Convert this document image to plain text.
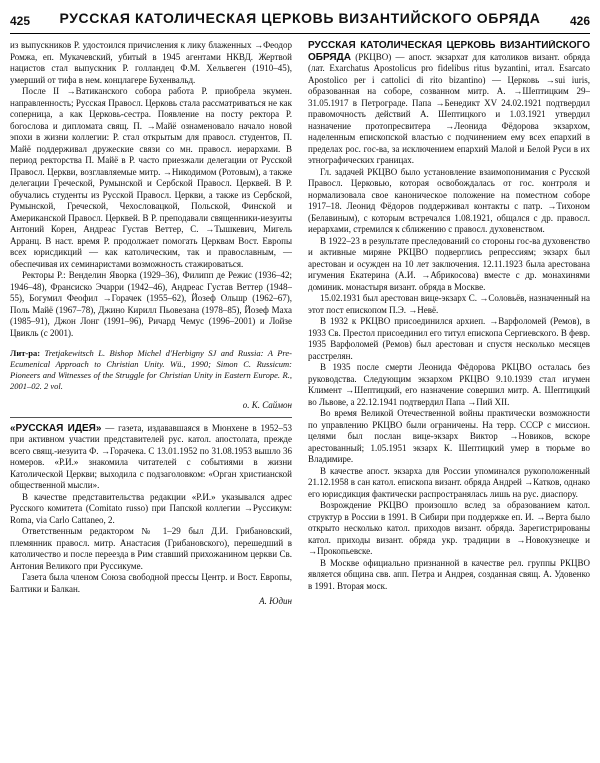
425	РУССКАЯ КАТОЛИЧЕСКАЯ ЦЕРКОВЬ ВИЗАНТИЙСКОГО ОБРЯДА	426

из выпускников Р. удостоился причисления к лику блаженных →Феодор Ромжа, еп. Мукачевский, убитый в 1945 агентами НКВД. Жертвой нацистов стал выпускник Р. голландец Ф.М. Хельвеген (1910–45), умерший от тифа в нем. концлагере Бухенвальд.

После II →Ватиканского собора работа Р. приобрела экумен. направленность; Русская Правосл. Церковь стала рассматриваться не как соперница, а как Церковь-сестра. Появление на посту ректора Р. богослова и дипломата свящ. П. →Майё ознаменовало начало новой эпохи в жизни коллегии: Р. стал открытым для правосл. студентов, П. Майё поддерживал дружеские связи со мн. правосл. иерархами. В период ректорства П. Майё в Р. часто приезжали делегации от Русской Правосл. Церкви, возглавляемые митр. →Никодимом (Ротовым), а также делегации Греческой, Румынской и Сербской Правосл. Церквей. В Р. обучались студенты из Русской Правосл. Церкви, а также из Сербской, Румынской, Греческой, Чехословацкой, Польской, Финской и Американской Правосл. Церквей. В Р. преподавали священники-иезуиты Антоний Корен, Андреас Густав Веттер, С. →Тышкевич, Мигель Арранц. В наст. время Р. продолжает помогать Церквам Вост. Европы всех юрисдикций — как католическим, так и православным, — обеспечивая их семинаристами возможность стажироваться.

Ректоры Р.: Венделин Яворка (1929–36), Филипп де Режис (1936–42; 1946–48), Франсиско Эчарри (1942–46), Андреас Густав Веттер (1948–55), Богумил Феофил →Горачек (1955–62), Йозеф Ольшр (1962–67), Поль Майё (1967–78), Джино Кирилл Пьовезана (1978–85), Йозеф Маха (1985–91), Джон Лонг (1991–96), Ричард Чемус (1996–2001) и Лойзе Цвикль (с 2001).

Лит-ра: Tretjakewitsch L. Bishop Michel d'Herbigny SJ and Russia: A Pre-Ecumenical Approach to Christian Unity. Wü., 1990; Simon C. Russicum: Pioneers and Witnesses of the Struggle for Christian Unity in Eastern Europe. R., 2001–02. 2 vol.

о. К. Саймон

«РУССКАЯ ИДЕЯ» — газета, издававшаяся в Мюнхене в 1952–53 при активном участии представителей рус. катол. апостолата, прежде всего свящ.-иезуита Ф. →Горачека. С 13.01.1952 по 31.08.1953 вышло 36 номеров. «Р.И.» знакомила читателей с событиями в жизни Католической Церкви; выходила с подзаголовком: «Орган христианской общественной мысли».

В качестве представительства редакции «Р.И.» указывался адрес Русского комитета (Comitato russo) при Папской коллегии →Руссикум: Roma, via Carlo Cattaneo, 2.

Ответственным редактором № 1–29 был Д.И. Грибановский, племянник правосл. митр. Анастасия (Грибановского), перешедший в католичество и после переезда в Рим ставший прихожанином церкви Св. Антония Великого при Руссикуме.

Газета была членом Союза свободной прессы Центр. и Вост. Европы, Балтики и Балкан.

А. Юдин

РУССКАЯ КАТОЛИЧЕСКАЯ ЦЕРКОВЬ ВИЗАНТИЙСКОГО ОБРЯДА (РКЦВО) — апост. экзархат для католиков визант. обряда (лат. Exarchatus Apostolicus pro fidelibus ritus byzantini, итал. Esarcato Apostolico per i cattolici di rito bizantino) — Церковь →sui iuris, образованная на соборе, созванном митр. А. →Шептицким 29–31.05.1917 в Петрограде. Папа →Бенедикт XV 24.02.1921 подтвердил правомочность действий А. Шептицкого и 1.03.1921 утвердил назначение протопресвитера →Леонида Фёдорова экзархом, наделенным епископской властью с подчинением ему всех епархий в пределах рос. гос-ва, за исключением епархий Малой и Белой Руси в их этнографических границах.

Гл. задачей РКЦВО было установление взаимопонимания с Русской Правосл. Церковью, которая освобождалась от гос. контроля и нормализовала свое каноническое положение на поместном соборе 1917–18. Леонид Фёдоров поддерживал контакты с патр. →Тихоном (Белавиным), с которым встречался 1.08.1921, общался с др. правосл. иерархами, стремился к сближению с правосл. духовенством.

В 1922–23 в результате преследований со стороны гос-ва духовенство и активные миряне РКЦВО подверглись репрессиям; экзарх был арестован и осужден на 10 лет заключения. 12.11.1923 была арестована игумения Екатерина (А.И. →Абрикосова) вместе с др. монахинями доминик. монастыря визант. обряда в Москве.

15.02.1931 был арестован вице-экзарх С. →Соловьёв, назначенный на этот пост епископом П.Э. →Невё.

В 1932 к РКЦВО присоединился архиеп. →Варфоломей (Ремов), в 1933 Св. Престол присоединил его титул епископа Сергиевского. В февр. 1935 Варфоломей (Ремов) был арестован и спустя несколько месяцев расстрелян.

В 1935 после смерти Леонида Фёдорова РКЦВО осталась без руководства. Следующим экзархом РКЦВО 9.10.1939 стал игумен Климент →Шептицкий, его назначение совершил митр. А. Шептицкий во Львове, а 22.12.1941 подтвердил Папа →Пий XII.

Во время Великой Отечественной войны практически возможности по управлению РКЦВО были ограничены. На терр. СССР с миссион. целями был послан вице-экзарх Виктор →Новиков, вскоре арестованный; 1.05.1951 экзарх К. Шептицкий умер в тюрьме во Владимире.

В качестве апост. экзарха для России упоминался рукоположенный 21.12.1958 в сан катол. епископа визант. обряда Андрей →Катков, однако его юрисдикция фактически распространялась лишь на рус. диаспору.

Возрождение РКЦВО произошло вслед за образованием катол. структур в России в 1991. В Сибири при поддержке еп. И. →Верта было открыто несколько катол. приходов визант. обряда. Зарегистрированы катол. приходы визант. обряда укр. традиции в →Новокузнецке и →Прокопьевске.

В Москве официально признанной в качестве рел. группы РКЦВО является община свв. апп. Петра и Андрея, созданная свящ. А. Удовенко в 1991. Вторая моск.
